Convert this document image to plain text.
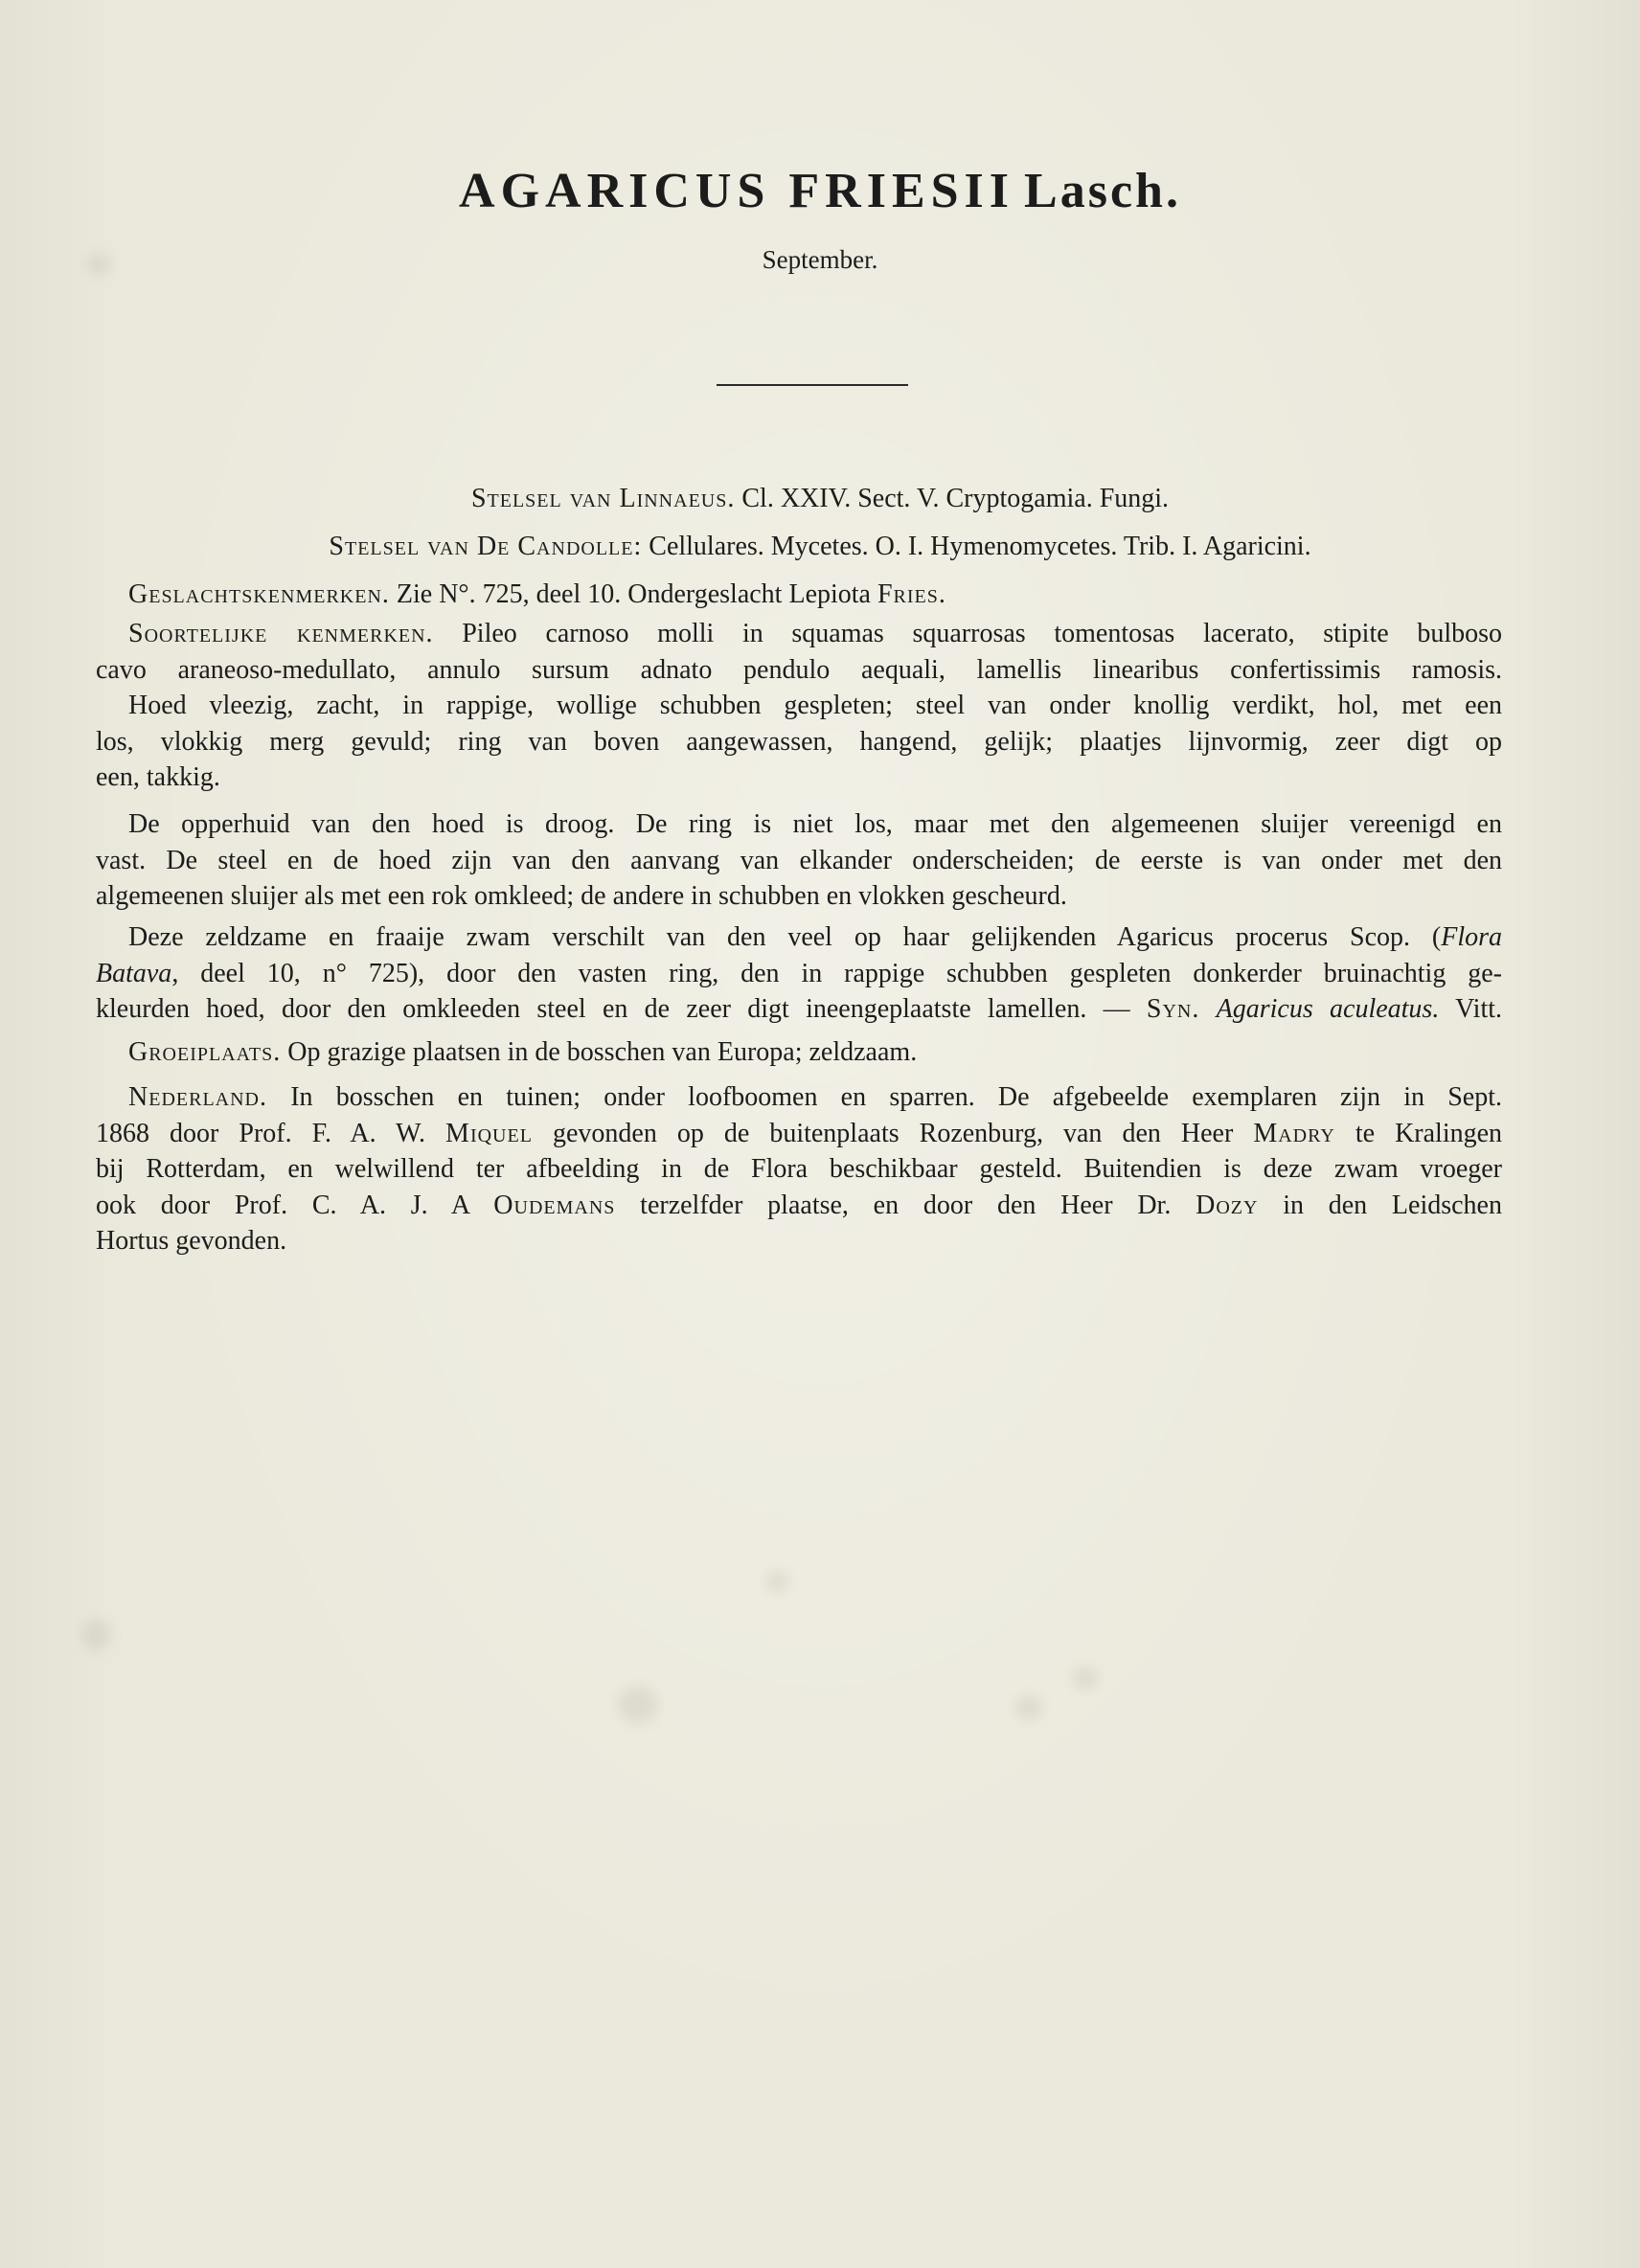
AGARICUS FRIESII Lasch.
September.
Stelsel van Linnaeus. Cl. XXIV. Sect. V. Cryptogamia. Fungi.
Stelsel van De Candolle: Cellulares. Mycetes. O. I. Hymenomycetes. Trib. I. Agaricini.
Geslachtskenmerken. Zie N°. 725, deel 10. Ondergeslacht Lepiota Fries.
Soortelijke kenmerken. Pileo carnoso molli in squamas squarrosas tomentosas lacerato, stipite bulboso
cavo araneoso-medullato, annulo sursum adnato pendulo aequali, lamellis linearibus confertissimis ramosis.
Hoed vleezig, zacht, in rappige, wollige schubben gespleten; steel van onder knollig verdikt, hol, met een
los, vlokkig merg gevuld; ring van boven aangewassen, hangend, gelijk; plaatjes lijnvormig, zeer digt op
een, takkig.
De opperhuid van den hoed is droog. De ring is niet los, maar met den algemeenen sluijer vereenigd en
vast. De steel en de hoed zijn van den aanvang van elkander onderscheiden; de eerste is van onder met den
algemeenen sluijer als met een rok omkleed; de andere in schubben en vlokken gescheurd.
Deze zeldzame en fraaije zwam verschilt van den veel op haar gelijkenden Agaricus procerus Scop. (Flora
Batava, deel 10, n° 725), door den vasten ring, den in rappige schubben gespleten donkerder bruinachtig ge-
kleurden hoed, door den omkleeden steel en de zeer digt ineengeplaatste lamellen. — Syn. Agaricus aculeatus. Vitt.
Groeiplaats. Op grazige plaatsen in de bosschen van Europa; zeldzaam.
Nederland. In bosschen en tuinen; onder loofboomen en sparren. De afgebeelde exemplaren zijn in Sept.
1868 door Prof. F. A. W. Miquel gevonden op de buitenplaats Rozenburg, van den Heer Madry te Kralingen
bij Rotterdam, en welwillend ter afbeelding in de Flora beschikbaar gesteld. Buitendien is deze zwam vroeger
ook door Prof. C. A. J. A Oudemans terzelfder plaatse, en door den Heer Dr. Dozy in den Leidschen
Hortus gevonden.
